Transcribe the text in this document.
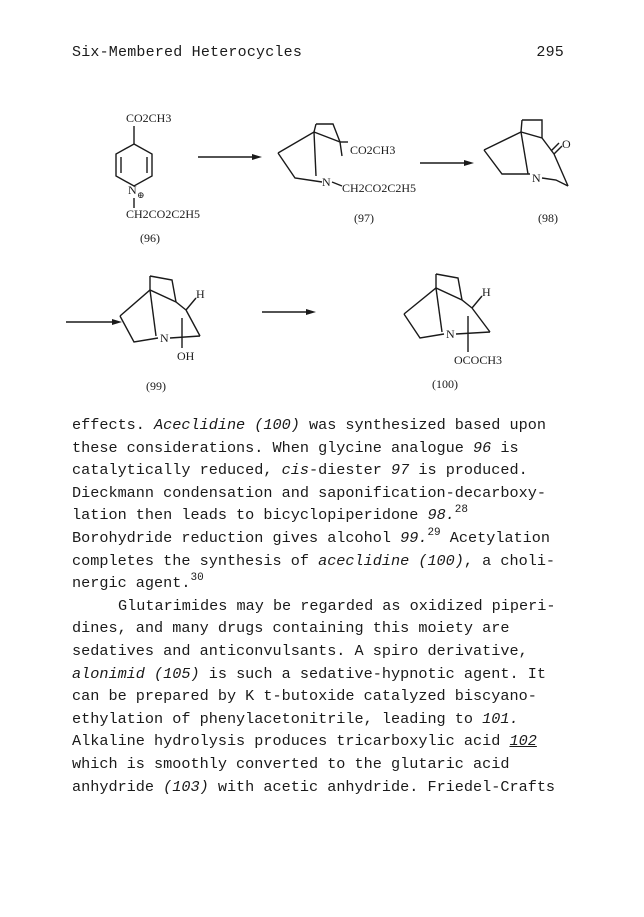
Six-Membered Heterocycles	295
CO2CH3
N ⊕
CH2CO2C2H5
(96)
CO2CH3
N CH2CO2C2H5
(97)
O
N
(98)
H
N
OH
(99)
H
N
OCOCH3
(100)

effects. Aceclidine (100) was synthesized based upon

these considerations. When glycine analogue 96 is

catalytically reduced, cis-diester 97 is produced.

Dieckmann condensation and saponification-decarboxy-

lation then leads to bicyclopiperidone 98.28

Borohydride reduction gives alcohol 99.29 Acetylation

completes the synthesis of aceclidine (100), a choli-

nergic agent.$^{30}$

Glutarimides may be regarded as oxidized piperi-

dines, and many drugs containing this moiety are

sedatives and anticonvulsants. A spiro derivative,

alonimid (105) is such a sedative-hypnotic agent. It

can be prepared by K t-butoxide catalyzed biscyano-

ethylation of phenylacetonitrile, leading to 101.

Alkaline hydrolysis produces tricarboxylic acid 102

which is smoothly converted to the glutaric acid

anhydride (103) with acetic anhydride. Friedel-Crafts
